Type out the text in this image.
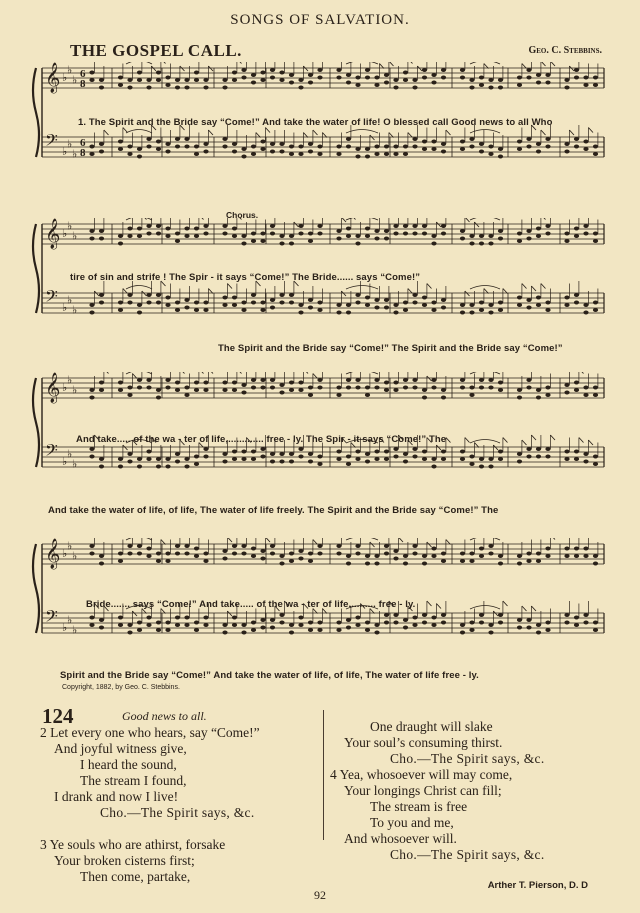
SONGS OF SALVATION.
THE GOSPEL CALL.	Geo. C. Stebbins.
𝄞 ♭
♭
♭ 6
8
𝄢 ♭
♭
♭
6
8
1. The Spirit and the Bride say “Come!” And take the water of life! O blessed call Good news to all Who
Chorus.
𝄞 ♭
♭
♭
𝄢 ♭
♭
♭
tire of sin and strife ! The Spir - it says “Come!” The Bride...... says “Come!”
The Spirit and the Bride say “Come!” The Spirit and the Bride say “Come!”
𝄞 ♭
♭
♭
𝄢 ♭
♭
♭
And take..... of the wa - ter of life,............. free - ly. The Spir - it says “Come!” The
And take the water of life, of life, The water of life freely. The Spirit and the Bride say “Come!” The
𝄞 ♭
♭
♭
𝄢 ♭
♭
♭
Bride....... says “Come!” And take..... of the wa - ter of life.......... free - ly.
Spirit and the Bride say “Come!” And take the water of life, of life, The water of life free - ly.
Copyright, 1882, by Geo. C. Stebbins.
124	Good news to all.
2 Let every one who hears, say “Come!”
And joyful witness give,
I heard the sound,
The stream I found,
I drank and now I live!
Cho.—The Spirit says, &c.

3 Ye souls who are athirst, forsake
Your broken cisterns first;
Then come, partake,
One draught will slake
Your soul’s consuming thirst.
Cho.—The Spirit says, &c.
4 Yea, whosoever will may come,
Your longings Christ can fill;
The stream is free
To you and me,
And whosoever will.
Cho.—The Spirit says, &c.
Arther T. Pierson, D. D
92
